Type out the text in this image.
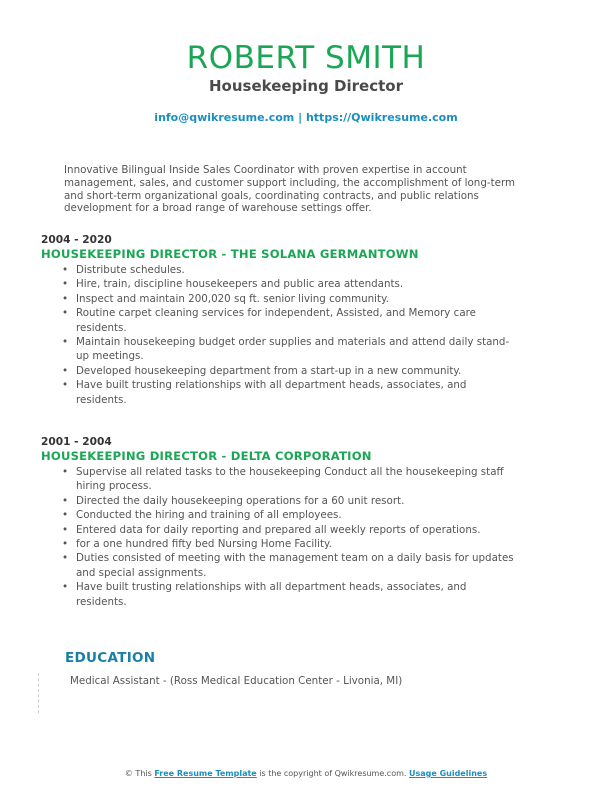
ROBERT SMITH
Housekeeping Director
info@qwikresume.com | https://Qwikresume.com
Innovative Bilingual Inside Sales Coordinator with proven expertise in account management, sales, and customer support including, the accomplishment of long-term and short-term organizational goals, coordinating contracts, and public relations development for a broad range of warehouse settings offer.
2004 - 2020
HOUSEKEEPING DIRECTOR - THE SOLANA GERMANTOWN
• Distribute schedules.
• Hire, train, discipline housekeepers and public area attendants.
• Inspect and maintain 200,020 sq ft. senior living community.
• Routine carpet cleaning services for independent, Assisted, and Memory care residents.
• Maintain housekeeping budget order supplies and materials and attend daily stand-up meetings.
• Developed housekeeping department from a start-up in a new community.
• Have built trusting relationships with all department heads, associates, and residents.
2001 - 2004
HOUSEKEEPING DIRECTOR - DELTA CORPORATION
• Supervise all related tasks to the housekeeping Conduct all the housekeeping staff hiring process.
• Directed the daily housekeeping operations for a 60 unit resort.
• Conducted the hiring and training of all employees.
• Entered data for daily reporting and prepared all weekly reports of operations.
• for a one hundred fifty bed Nursing Home Facility.
• Duties consisted of meeting with the management team on a daily basis for updates and special assignments.
• Have built trusting relationships with all department heads, associates, and residents.
EDUCATION
Medical Assistant - (Ross Medical Education Center - Livonia, MI)
© This Free Resume Template is the copyright of Qwikresume.com. Usage Guidelines
